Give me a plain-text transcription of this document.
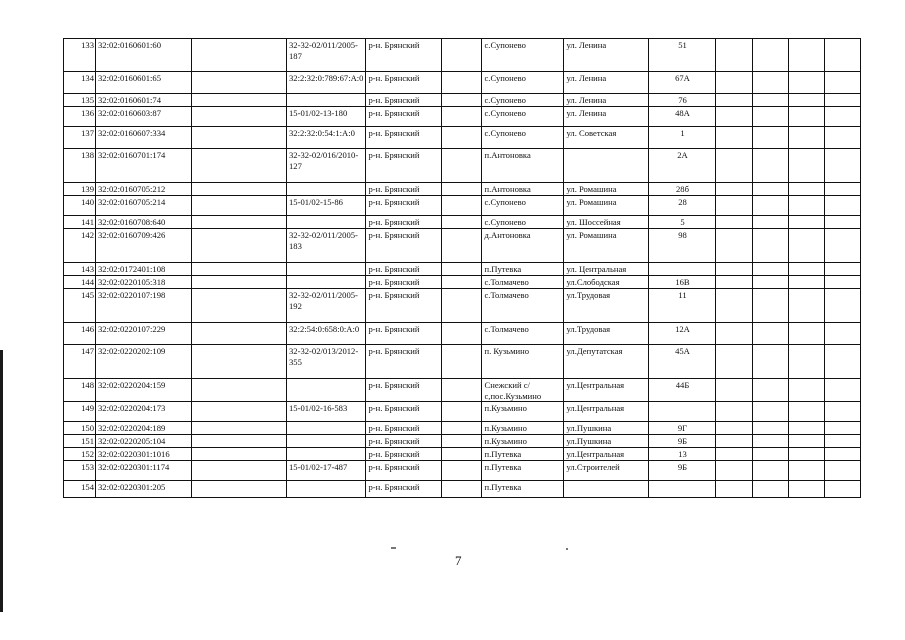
133	32:02:0160601:60		32-32-02/011/2005-187	р-н. Брянский		с.Супонево	ул. Ленина	51				
134	32:02:0160601:65		32:2:32:0:789:67:А:0	р-н. Брянский		с.Супонево	ул. Ленина	67А				
135	32:02:0160601:74			р-н. Брянский		с.Супонево	ул. Ленина	76				
136	32:02:0160603:87		15-01/02-13-180	р-н. Брянский		с.Супонево	ул. Ленина	48А				
137	32:02:0160607:334		32:2:32:0:54:1:А:0	р-н. Брянский		с.Супонево	ул. Советская	1				
138	32:02:0160701:174		32-32-02/016/2010-127	р-н. Брянский		п.Антоновка		2А				
139	32:02:0160705:212			р-н. Брянский		п.Антоновка	ул. Ромашина	28б				
140	32:02:0160705:214		15-01/02-15-86	р-н. Брянский		с.Супонево	ул. Ромашина	28				
141	32:02:0160708:640			р-н. Брянский		с.Супонево	ул. Шоссейная	5				
142	32:02:0160709:426		32-32-02/011/2005-183	р-н. Брянский		д.Антоновка	ул. Ромашина	98				
143	32:02:0172401:108			р-н. Брянский		п.Путевка	ул. Центральная					
144	32:02:0220105:318			р-н. Брянский		с.Толмачево	ул.Слободская	16В				
145	32:02:0220107:198		32-32-02/011/2005-192	р-н. Брянский		с.Толмачево	ул.Трудовая	11				
146	32:02:0220107:229		32:2:54:0:658:0:А:0	р-н. Брянский		с.Толмачево	ул.Трудовая	12А				
147	32:02:0220202:109		32-32-02/013/2012-355	р-н. Брянский		п. Кузьмино	ул.Депутатская	45А				
148	32:02:0220204:159			р-н. Брянский		Снежский с/с,пос.Кузьмино	ул.Центральная	44Б				
149	32:02:0220204:173		15-01/02-16-583	р-н. Брянский		п.Кузьмино	ул.Центральная					
150	32:02:0220204:189			р-н. Брянский		п.Кузьмино	ул.Пушкина	9Г				
151	32:02:0220205:104			р-н. Брянский		п.Кузьмино	ул.Пушкина	9Б				
152	32:02:0220301:1016			р-н. Брянский		п.Путевка	ул.Центральная	13				
153	32:02:0220301:1174		15-01/02-17-487	р-н. Брянский		п.Путевка	ул.Строителей	9Б				
154	32:02:0220301:205			р-н. Брянский		п.Путевка						
7
